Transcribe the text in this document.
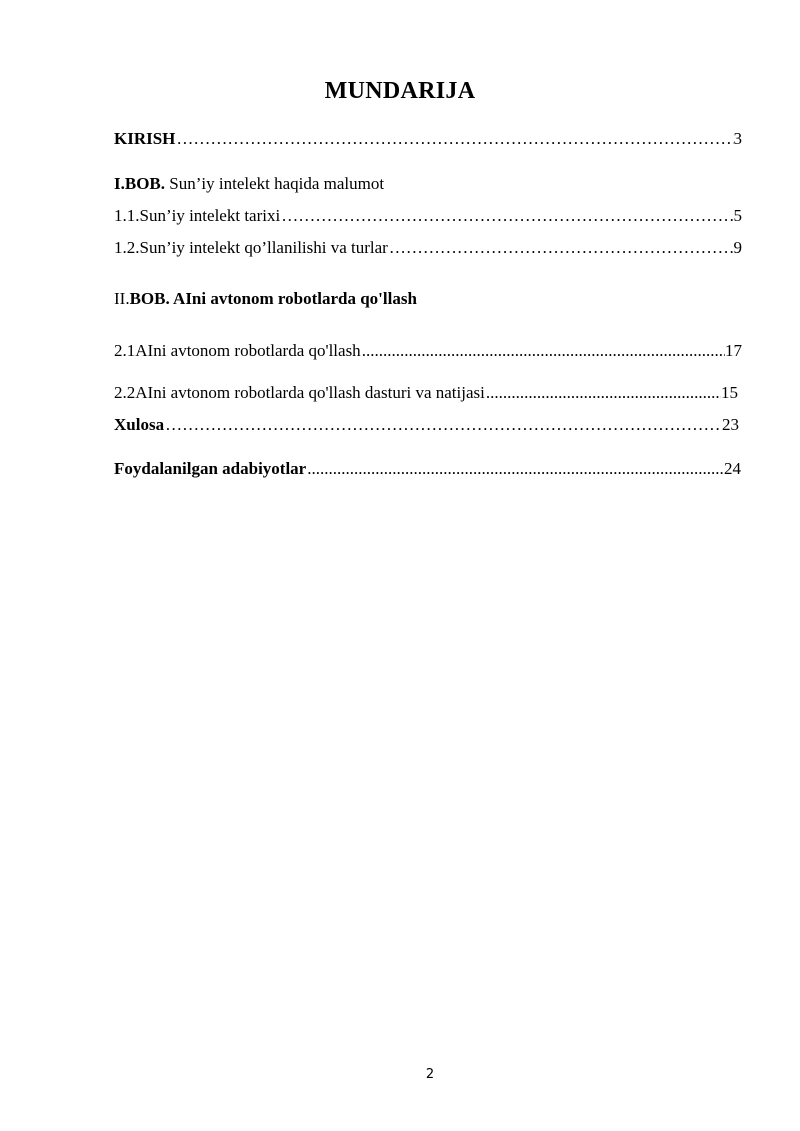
MUNDARIJA
KIRISH …………………………………………………………………………………………………………………………………………………………………………………………	3
I.BOB. Sun’iy intelekt haqida malumot
1.1. Sun’iy intelekt tarixi …………………………………………………………………………………………………………………………………………………………………………………………	5
1.2. Sun’iy intelekt qo’llanilishi va turlar …………………………………………………………………………………………………………………………………………………………………………………………	9
II. BOB. AIni avtonom robotlarda qo'llash
2.1 AIni avtonom robotlarda qo'llash .....	17
2.2 AIni avtonom robotlarda qo'llash dasturi va natijasi .....	15
Xulosa …………………………………………………………………………………………………………………………………………………………………………………………	23
Foydalanilgan adabiyotlar .....	24
2
